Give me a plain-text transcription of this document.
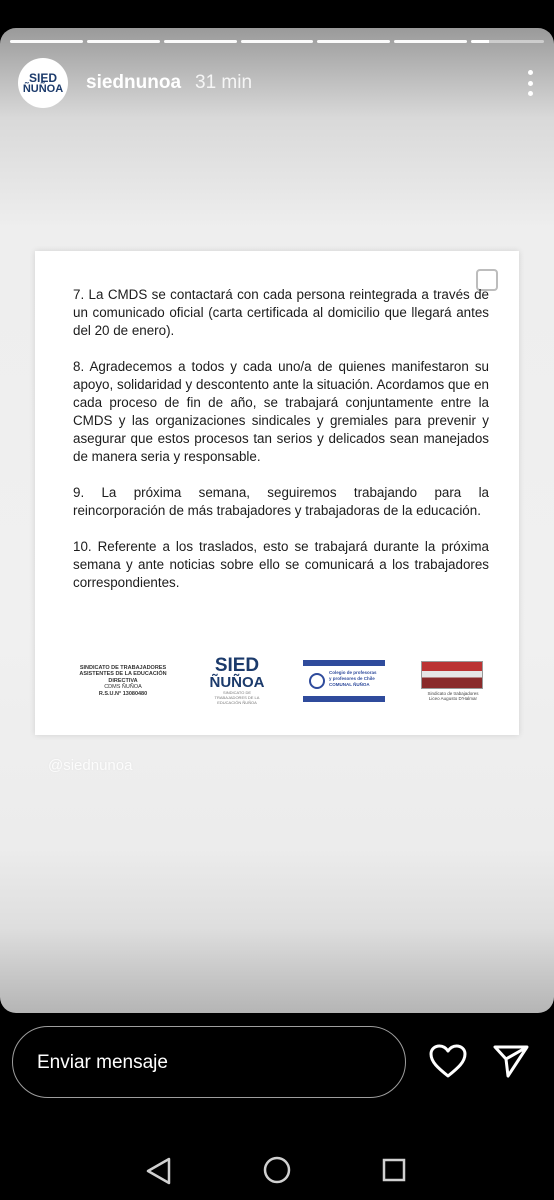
SIED
ÑUÑOA siednunoa 31 min

7. La CMDS se contactará con cada persona reintegrada a través de un comunicado oficial (carta certificada al domicilio que llegará antes del 20 de enero).

8. Agradecemos a todos y cada uno/a de quienes manifestaron su apoyo, solidaridad y descontento ante la situación. Acordamos que en cada proceso de fin de año, se trabajará conjuntamente entre la CMDS y las organizaciones sindicales y gremiales para prevenir y asegurar que estos procesos tan serios y delicados sean manejados de manera seria y responsable.

9. La próxima semana, seguiremos trabajando para la reincorporación de más trabajadores y trabajadoras de la educación.

10. Referente a los traslados, esto se trabajará durante la próxima semana y ante noticias sobre ello se comunicará a los trabajadores correspondientes.

SINDICATO DE TRABAJADORES
ASISTENTES DE LA EDUCACIÓN
DIRECTIVA
CDMS ÑUÑOA
R.S.U.N° 13080480
SIED
ÑUÑOA
SINDICATO DE TRABAJADORES DE LA EDUCACIÓN ÑUÑOA
Colegio de profesoras
y profesores de Chile
COMUNAL ÑUÑOA
Sindicato de trabajadores
Liceo Augusto D'Halmar
@siednunoa
Enviar mensaje
